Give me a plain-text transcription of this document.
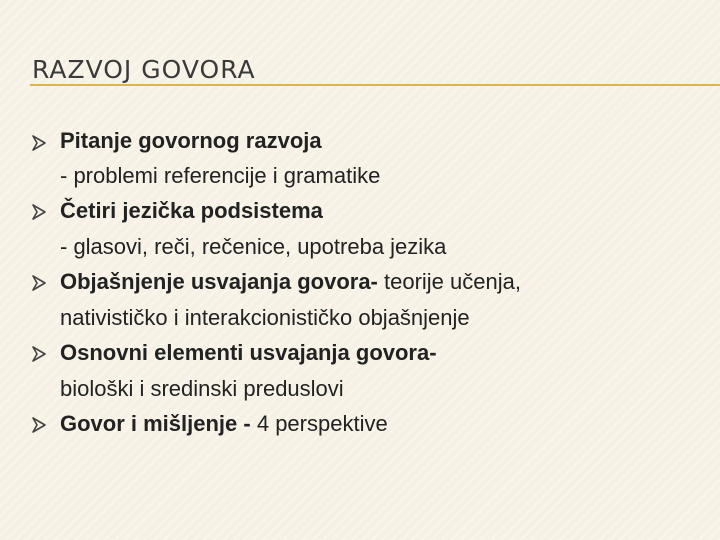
RAZVOJ GOVORA
Pitanje govornog razvoja
- problemi referencije i gramatike
Četiri jezička podsistema
- glasovi, reči, rečenice, upotreba jezika
Objašnjenje usvajanja govora- teorije učenja,
nativističko i interakcionističko objašnjenje
Osnovni elementi usvajanja govora-
biološki i sredinski preduslovi
Govor i mišljenje - 4 perspektive
